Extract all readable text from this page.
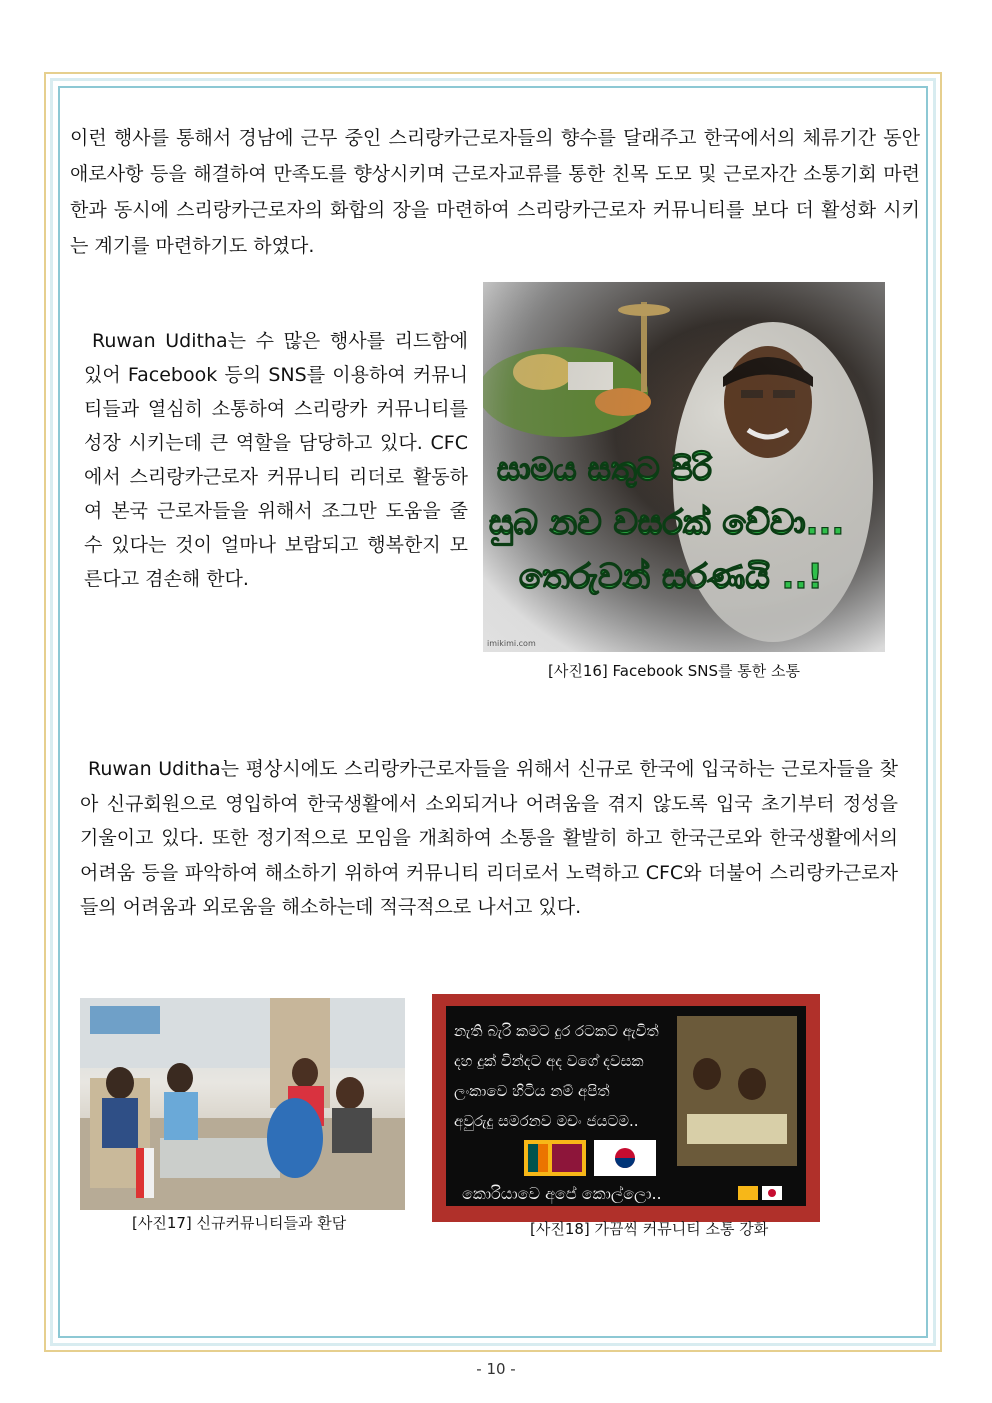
이런 행사를 통해서 경남에 근무 중인 스리랑카근로자들의 향수를 달래주고 한국에서의 체류기간 동안 애로사항 등을 해결하여 만족도를 향상시키며 근로자교류를 통한 친목 도모 및 근로자간 소통기회 마련한과 동시에 스리랑카근로자의 화합의 장을 마련하여 스리랑카근로자 커뮤니티를 보다 더 활성화 시키는 계기를 마련하기도 하였다.

Ruwan Uditha는 수 많은 행사를 리드함에 있어 Facebook 등의 SNS를 이용하여 커뮤니티들과 열심히 소통하여 스리랑카 커뮤니티를 성장 시키는데 큰 역할을 담당하고 있다. CFC에서 스리랑카근로자 커뮤니티 리더로 활동하여 본국 근로자들을 위해서 조그만 도움을 줄 수 있다는 것이 얼마나 보람되고 행복한지 모른다고 겸손해 한다.

සාමය සතුට පිරි
සුබ නව වසරක් වේවා...
තෙරුවන් සරණයි ..!
imikimi.com
[사진16] Facebook SNS를 통한 소통

Ruwan Uditha는 평상시에도 스리랑카근로자들을 위해서 신규로 한국에 입국하는 근로자들을 찾아 신규회원으로 영입하여 한국생활에서 소외되거나 어려움을 겪지 않도록 입국 초기부터 정성을 기울이고 있다. 또한 정기적으로 모임을 개최하여 소통을 활발히 하고 한국근로와 한국생활에서의 어려움 등을 파악하여 해소하기 위하여 커뮤니티 리더로서 노력하고 CFC와 더불어 스리랑카근로자들의 어려움과 외로움을 해소하는데 적극적으로 나서고 있다.

[사진17] 신규커뮤니티들과 환담
නැති බැරි කමට දුර රටකට ඇවිත්
දහ දුක් වින්දට අද වගේ දවසක
ලංකාවෙ හිටිය නම් අපිත්
අවුරුදු සමරනව මචං ජයටම..
කොරියාවෙ අපේ කොල්ලො..
[사진18] 가끔씩 커뮤니티 소통 강화
- 10 -
